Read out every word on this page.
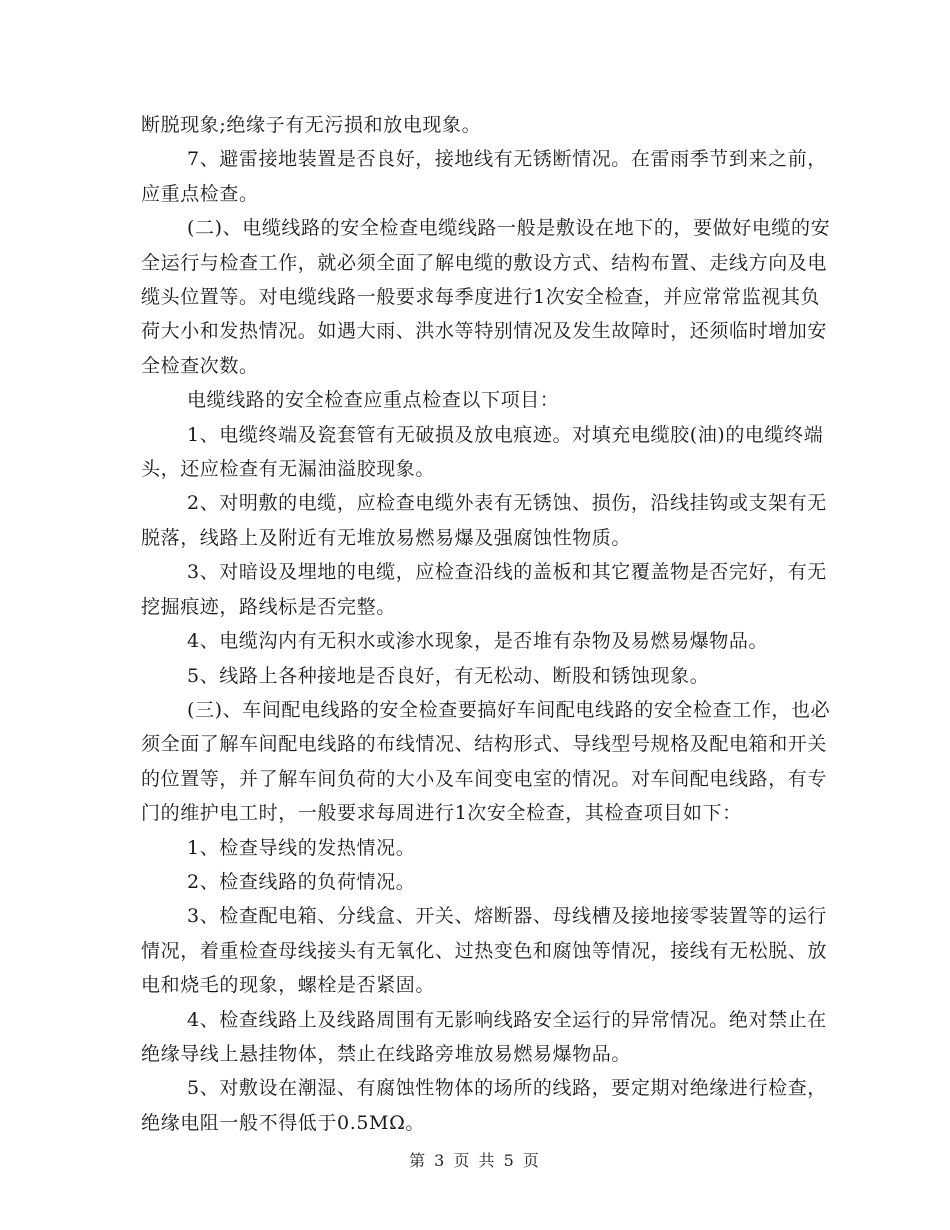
断脱现象;绝缘子有无污损和放电现象。

7、避雷接地装置是否良好，接地线有无锈断情况。在雷雨季节到来之前，应重点检查。

(二)、电缆线路的安全检查电缆线路一般是敷设在地下的，要做好电缆的安全运行与检查工作，就必须全面了解电缆的敷设方式、结构布置、走线方向及电缆头位置等。对电缆线路一般要求每季度进行1次安全检查，并应常常监视其负荷大小和发热情况。如遇大雨、洪水等特别情况及发生故障时，还须临时增加安全检查次数。

电缆线路的安全检查应重点检查以下项目：

1、电缆终端及瓷套管有无破损及放电痕迹。对填充电缆胶(油)的电缆终端头，还应检查有无漏油溢胶现象。

2、对明敷的电缆，应检查电缆外表有无锈蚀、损伤，沿线挂钩或支架有无脱落，线路上及附近有无堆放易燃易爆及强腐蚀性物质。

3、对暗设及埋地的电缆，应检查沿线的盖板和其它覆盖物是否完好，有无挖掘痕迹，路线标是否完整。

4、电缆沟内有无积水或渗水现象，是否堆有杂物及易燃易爆物品。

5、线路上各种接地是否良好，有无松动、断股和锈蚀现象。

(三)、车间配电线路的安全检查要搞好车间配电线路的安全检查工作，也必须全面了解车间配电线路的布线情况、结构形式、导线型号规格及配电箱和开关的位置等，并了解车间负荷的大小及车间变电室的情况。对车间配电线路，有专门的维护电工时，一般要求每周进行1次安全检查，其检查项目如下：

1、检查导线的发热情况。

2、检查线路的负荷情况。

3、检查配电箱、分线盒、开关、熔断器、母线槽及接地接零装置等的运行情况，着重检查母线接头有无氧化、过热变色和腐蚀等情况，接线有无松脱、放电和烧毛的现象，螺栓是否紧固。

4、检查线路上及线路周围有无影响线路安全运行的异常情况。绝对禁止在绝缘导线上悬挂物体，禁止在线路旁堆放易燃易爆物品。

5、对敷设在潮湿、有腐蚀性物体的场所的线路，要定期对绝缘进行检查，绝缘电阻一般不得低于0.5MΩ。

第 3 页 共 5 页
